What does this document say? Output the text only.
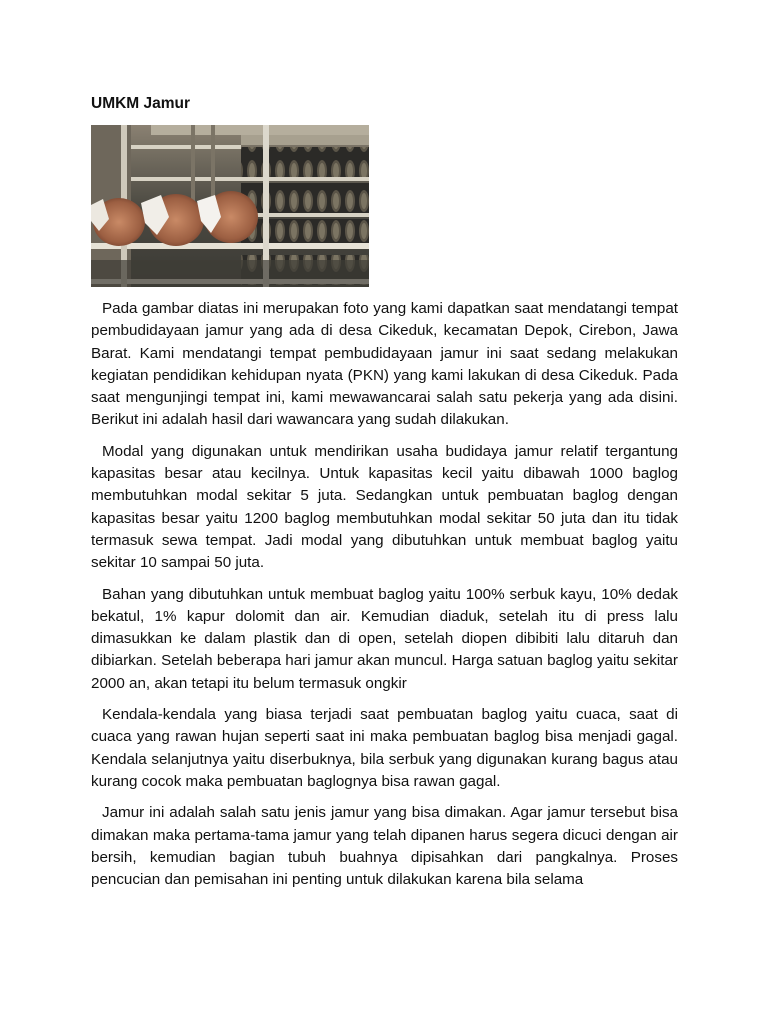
UMKM Jamur

Pada gambar diatas ini merupakan foto yang kami dapatkan saat mendatangi tempat pembudidayaan jamur yang ada di desa Cikeduk, kecamatan Depok, Cirebon, Jawa Barat. Kami mendatangi tempat pembudidayaan jamur ini saat sedang melakukan kegiatan pendidikan kehidupan nyata (PKN) yang kami lakukan di desa Cikeduk. Pada saat mengunjingi tempat ini, kami mewawancarai salah satu pekerja yang ada disini. Berikut ini adalah hasil dari wawancara yang sudah dilakukan.

Modal yang digunakan untuk mendirikan usaha budidaya jamur relatif tergantung kapasitas besar atau kecilnya. Untuk kapasitas kecil yaitu dibawah 1000 baglog membutuhkan modal sekitar 5 juta. Sedangkan untuk pembuatan baglog dengan kapasitas besar yaitu 1200 baglog membutuhkan modal sekitar 50 juta dan itu tidak termasuk sewa tempat. Jadi modal yang dibutuhkan untuk membuat baglog yaitu sekitar 10 sampai 50 juta.

Bahan yang dibutuhkan untuk membuat baglog yaitu 100% serbuk kayu, 10% dedak bekatul, 1% kapur dolomit dan air. Kemudian diaduk, setelah itu di press lalu dimasukkan ke dalam plastik dan di open, setelah diopen dibibiti lalu ditaruh dan dibiarkan. Setelah beberapa hari jamur akan muncul. Harga satuan baglog yaitu sekitar 2000 an, akan tetapi itu belum termasuk ongkir

Kendala-kendala yang biasa terjadi saat pembuatan baglog yaitu cuaca, saat di cuaca yang rawan hujan seperti saat ini maka pembuatan baglog bisa menjadi gagal. Kendala selanjutnya yaitu diserbuknya, bila serbuk yang digunakan kurang bagus atau kurang cocok maka pembuatan baglognya bisa rawan gagal.

Jamur ini adalah salah satu jenis jamur yang bisa dimakan. Agar jamur tersebut bisa dimakan maka pertama-tama jamur yang telah dipanen harus segera dicuci dengan air bersih, kemudian bagian tubuh buahnya dipisahkan dari pangkalnya. Proses pencucian dan pemisahan ini penting untuk dilakukan karena bila selama
